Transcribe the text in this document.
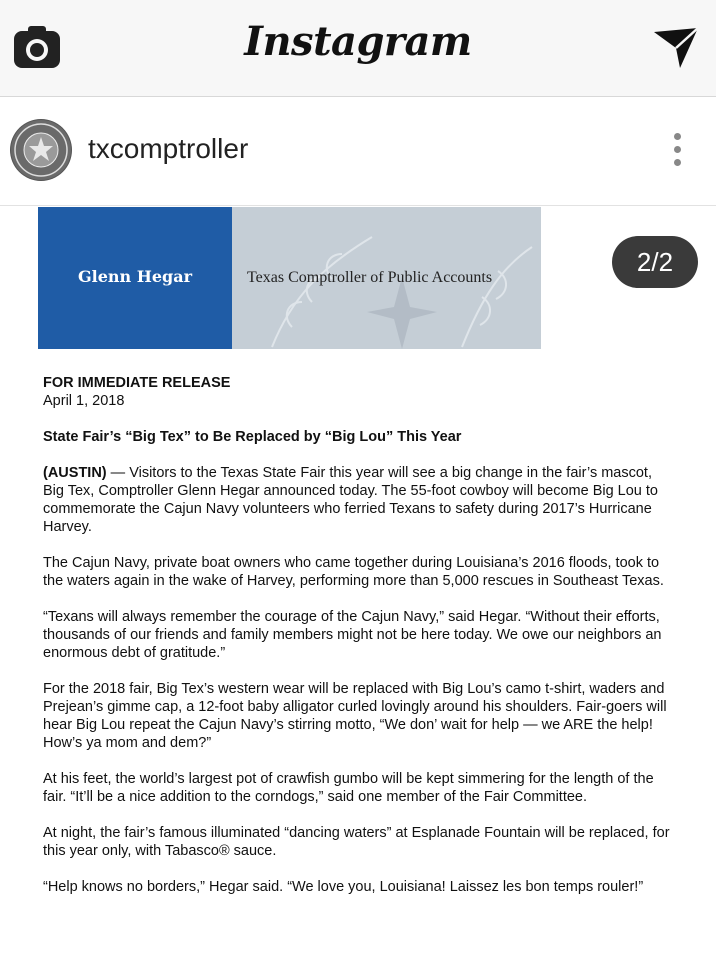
Instagram
txcomptroller
Glenn Hegar	Texas Comptroller of Public Accounts
2/2
FOR IMMEDIATE RELEASE

April 1, 2018

State Fair’s “Big Tex” to Be Replaced by “Big Lou” This Year

(AUSTIN) — Visitors to the Texas State Fair this year will see a big change in the fair’s mascot, Big Tex, Comptroller Glenn Hegar announced today. The 55-foot cowboy will become Big Lou to commemorate the Cajun Navy volunteers who ferried Texans to safety during 2017’s Hurricane Harvey.

The Cajun Navy, private boat owners who came together during Louisiana’s 2016 floods, took to the waters again in the wake of Harvey, performing more than 5,000 rescues in Southeast Texas.

“Texans will always remember the courage of the Cajun Navy,” said Hegar. “Without their efforts, thousands of our friends and family members might not be here today. We owe our neighbors an enormous debt of gratitude.”

For the 2018 fair, Big Tex’s western wear will be replaced with Big Lou’s camo t-shirt, waders and Prejean’s gimme cap, a 12-foot baby alligator curled lovingly around his shoulders. Fair-goers will hear Big Lou repeat the Cajun Navy’s stirring motto, “We don’ wait for help — we ARE the help! How’s ya mom and dem?”

At his feet, the world’s largest pot of crawfish gumbo will be kept simmering for the length of the fair. “It’ll be a nice addition to the corndogs,” said one member of the Fair Committee.

At night, the fair’s famous illuminated “dancing waters” at Esplanade Fountain will be replaced, for this year only, with Tabasco® sauce.

“Help knows no borders,” Hegar said. “We love you, Louisiana! Laissez les bon temps rouler!”
